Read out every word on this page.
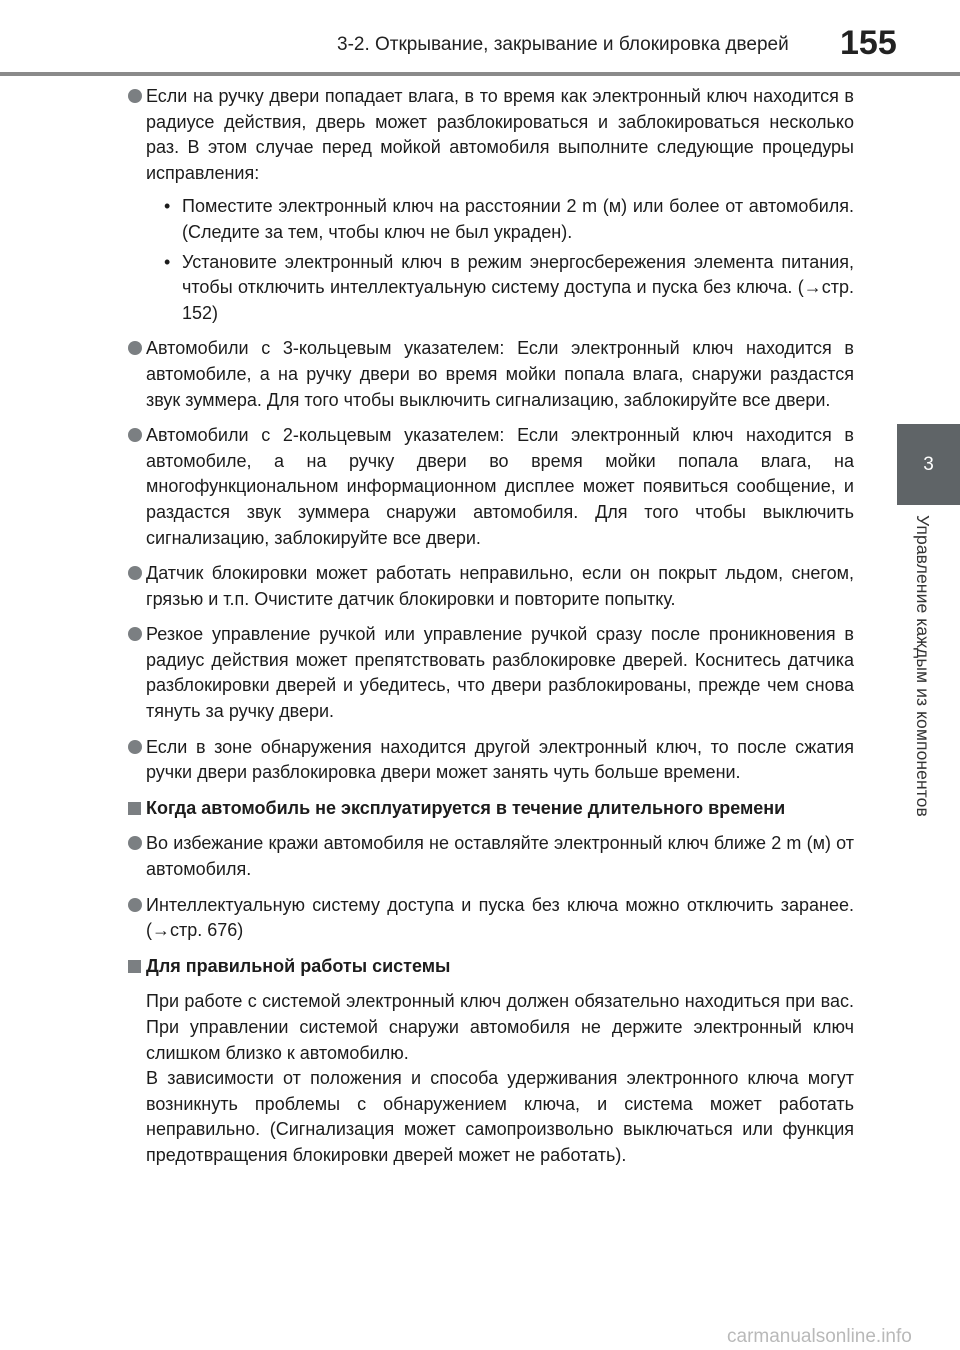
3-2. Открывание, закрывание и блокировка дверей 155
3
Управление каждым из компонентов

Если на ручку двери попадает влага, в то время как электронный ключ находится в радиусе действия, дверь может разблокироваться и заблокироваться несколько раз. В этом случае перед мойкой автомобиля выполните следующие процедуры исправления:

• Поместите электронный ключ на расстоянии 2 m (м) или более от автомобиля. (Следите за тем, чтобы ключ не был украден).

• Установите электронный ключ в режим энергосбережения элемента питания, чтобы отключить интеллектуальную систему доступа и пуска без ключа. (→стр. 152)

Автомобили с 3-кольцевым указателем: Если электронный ключ находится в автомобиле, а на ручку двери во время мойки попала влага, снаружи раздастся звук зуммера. Для того чтобы выключить сигнализацию, заблокируйте все двери.

Автомобили с 2-кольцевым указателем: Если электронный ключ находится в автомобиле, а на ручку двери во время мойки попала влага, на многофункциональном информационном дисплее может появиться сообщение, и раздастся звук зуммера снаружи автомобиля. Для того чтобы выключить сигнализацию, заблокируйте все двери.

Датчик блокировки может работать неправильно, если он покрыт льдом, снегом, грязью и т.п. Очистите датчик блокировки и повторите попытку.

Резкое управление ручкой или управление ручкой сразу после проникновения в радиус действия может препятствовать разблокировке дверей. Коснитесь датчика разблокировки дверей и убедитесь, что двери разблокированы, прежде чем снова тянуть за ручку двери.

Если в зоне обнаружения находится другой электронный ключ, то после сжатия ручки двери разблокировка двери может занять чуть больше времени.

Когда автомобиль не эксплуатируется в течение длительного времени

Во избежание кражи автомобиля не оставляйте электронный ключ ближе 2 m (м) от автомобиля.

Интеллектуальную систему доступа и пуска без ключа можно отключить заранее. (→стр. 676)

Для правильной работы системы

При работе с системой электронный ключ должен обязательно находиться при вас. При управлении системой снаружи автомобиля не держите электронный ключ слишком близко к автомобилю.

В зависимости от положения и способа удерживания электронного ключа могут возникнуть проблемы с обнаружением ключа, и система может работать неправильно. (Сигнализация может самопроизвольно выключаться или функция предотвращения блокировки дверей может не работать).

carmanualsonline.info
